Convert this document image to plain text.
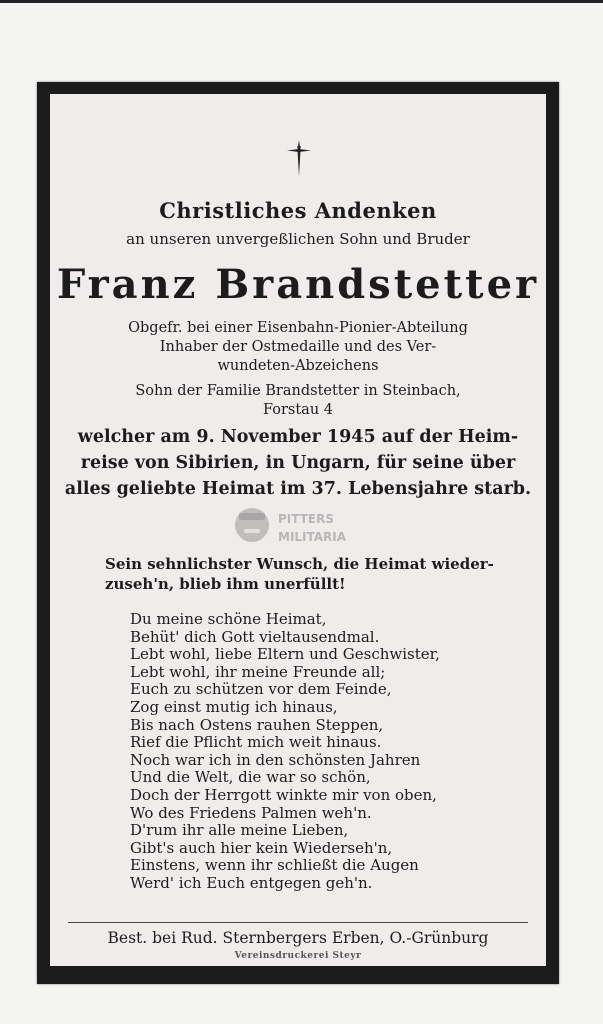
Christliches Andenken
an unseren unvergeßlichen Sohn und Bruder
Franz Brandstetter
Obgefr. bei einer Eisenbahn-Pionier-Abteilung
Inhaber der Ostmedaille und des Ver-
wundeten-Abzeichens
Sohn der Familie Brandstetter in Steinbach,
Forstau 4
welcher am 9. November 1945 auf der Heim-
reise von Sibirien, in Ungarn, für seine über
alles geliebte Heimat im 37. Lebensjahre starb.
PITTERS
MILITARIA
Sein sehnlichster Wunsch, die Heimat wieder-
zuseh'n, blieb ihm unerfüllt!
Du meine schöne Heimat,
Behüt' dich Gott vieltausendmal.
Lebt wohl, liebe Eltern und Geschwister,
Lebt wohl, ihr meine Freunde all;
Euch zu schützen vor dem Feinde,
Zog einst mutig ich hinaus,
Bis nach Ostens rauhen Steppen,
Rief die Pflicht mich weit hinaus.
Noch war ich in den schönsten Jahren
Und die Welt, die war so schön,
Doch der Herrgott winkte mir von oben,
Wo des Friedens Palmen weh'n.
D'rum ihr alle meine Lieben,
Gibt's auch hier kein Wiederseh'n,
Einstens, wenn ihr schließt die Augen
Werd' ich Euch entgegen geh'n.
Best. bei Rud. Sternbergers Erben, O.-Grünburg
Vereinsdruckerei Steyr
